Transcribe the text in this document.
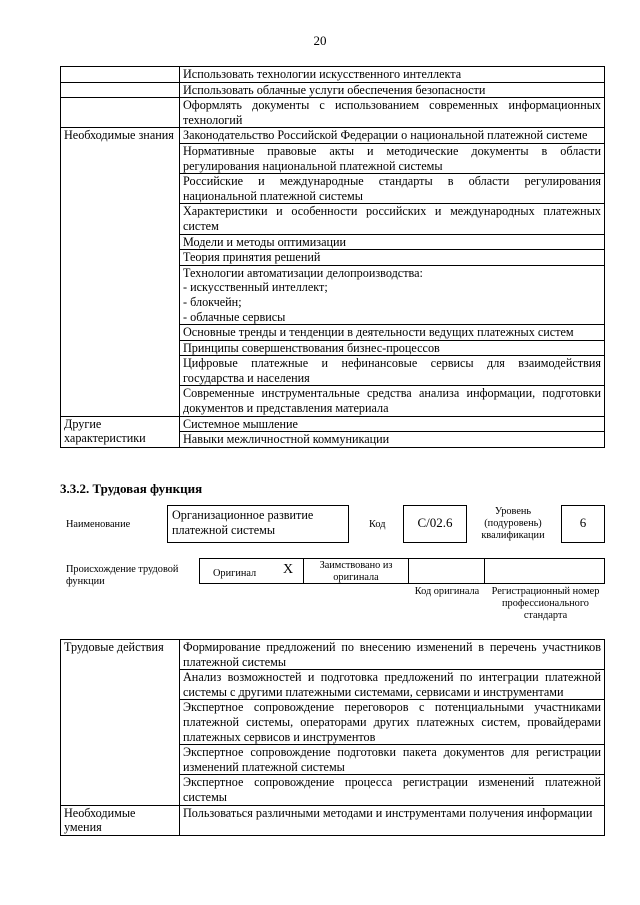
20
	Использовать технологии искусственного интеллекта
	Использовать облачные услуги обеспечения безопасности
	Оформлять документы с использованием современных информационных технологий
Необходимые знания	Законодательство Российской Федерации о национальной платежной системе
	Нормативные правовые акты и методические документы в области регулирования национальной платежной системы
	Российские и международные стандарты в области регулирования национальной платежной системы
	Характеристики и особенности российских и международных платежных систем
	Модели и методы оптимизации
	Теория принятия решений
	Технологии автоматизации делопроизводства:
- искусственный интеллект;
- блокчейн;
- облачные сервисы
	Основные тренды и тенденции в деятельности ведущих платежных систем
	Принципы совершенствования бизнес-процессов
	Цифровые платежные и нефинансовые сервисы для взаимодействия государства и населения
	Современные инструментальные средства анализа информации, подготовки документов и представления материала
Другие характеристики	Системное мышление
	Навыки межличностной коммуникации
3.3.2. Трудовая функция
Наименование
Организационное развитие платежной системы	Код	C/02.6
Уровень (подуровень) квалификации
6
Происхождение трудовой функции
Оригинал X	Заимствовано из оригинала
Код оригинала	Регистрационный номер профессионального стандарта
Трудовые действия	Формирование предложений по внесению изменений в перечень участников платежной системы
	Анализ возможностей и подготовка предложений по интеграции платежной системы с другими платежными системами, сервисами и инструментами
	Экспертное сопровождение переговоров с потенциальными участниками платежной системы, операторами других платежных систем, провайдерами платежных сервисов и инструментов
	Экспертное сопровождение подготовки пакета документов для регистрации изменений платежной системы
	Экспертное сопровождение процесса регистрации изменений платежной системы
Необходимые умения	Пользоваться различными методами и инструментами получения информации
